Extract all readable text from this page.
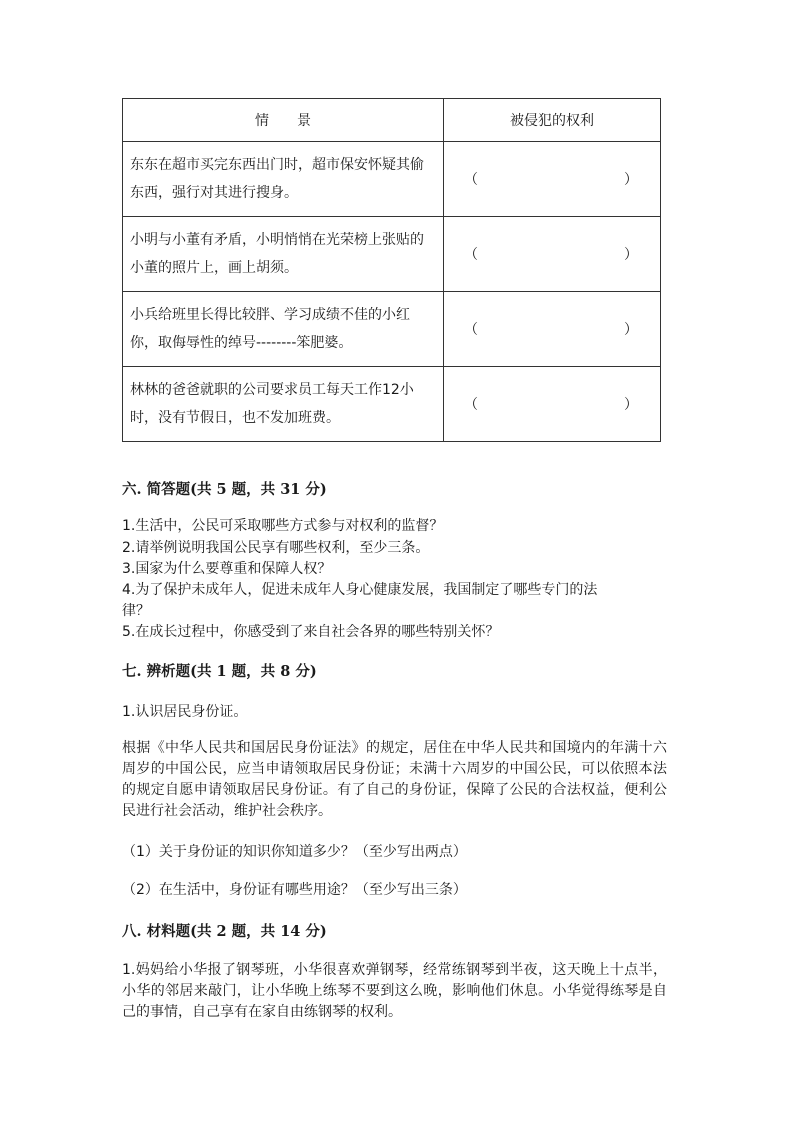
情　　景	被侵犯的权利
东东在超市买完东西出门时，超市保安怀疑其偷东西，强行对其进行搜身。	（ ）

小明与小董有矛盾，小明悄悄在光荣榜上张贴的小董的照片上，画上胡须。	（ ）

小兵给班里长得比较胖、学习成绩不佳的小红你，取侮辱性的绰号--------笨肥婆。	（ ）

林林的爸爸就职的公司要求员工每天工作12小时，没有节假日，也不发加班费。	（ ）
六. 简答题(共 5 题，共 31 分)
1.生活中，公民可采取哪些方式参与对权利的监督？
2.请举例说明我国公民享有哪些权利，至少三条。
3.国家为什么要尊重和保障人权？
4.为了保护未成年人，促进未成年人身心健康发展，我国制定了哪些专门的法
律？
5.在成长过程中，你感受到了来自社会各界的哪些特别关怀？
七. 辨析题(共 1 题，共 8 分)
1.认识居民身份证。
根据《中华人民共和国居民身份证法》的规定，居住在中华人民共和国境内的年满十六周岁的中国公民，应当申请领取居民身份证；未满十六周岁的中国公民，可以依照本法的规定自愿申请领取居民身份证。有了自己的身份证，保障了公民的合法权益，便利公民进行社会活动，维护社会秩序。
（1）关于身份证的知识你知道多少？（至少写出两点）
（2）在生活中，身份证有哪些用途？（至少写出三条）
八. 材料题(共 2 题，共 14 分)
1.妈妈给小华报了钢琴班，小华很喜欢弹钢琴，经常练钢琴到半夜，这天晚上十点半，小华的邻居来敲门，让小华晚上练琴不要到这么晚，影响他们休息。小华觉得练琴是自己的事情，自己享有在家自由练钢琴的权利。
